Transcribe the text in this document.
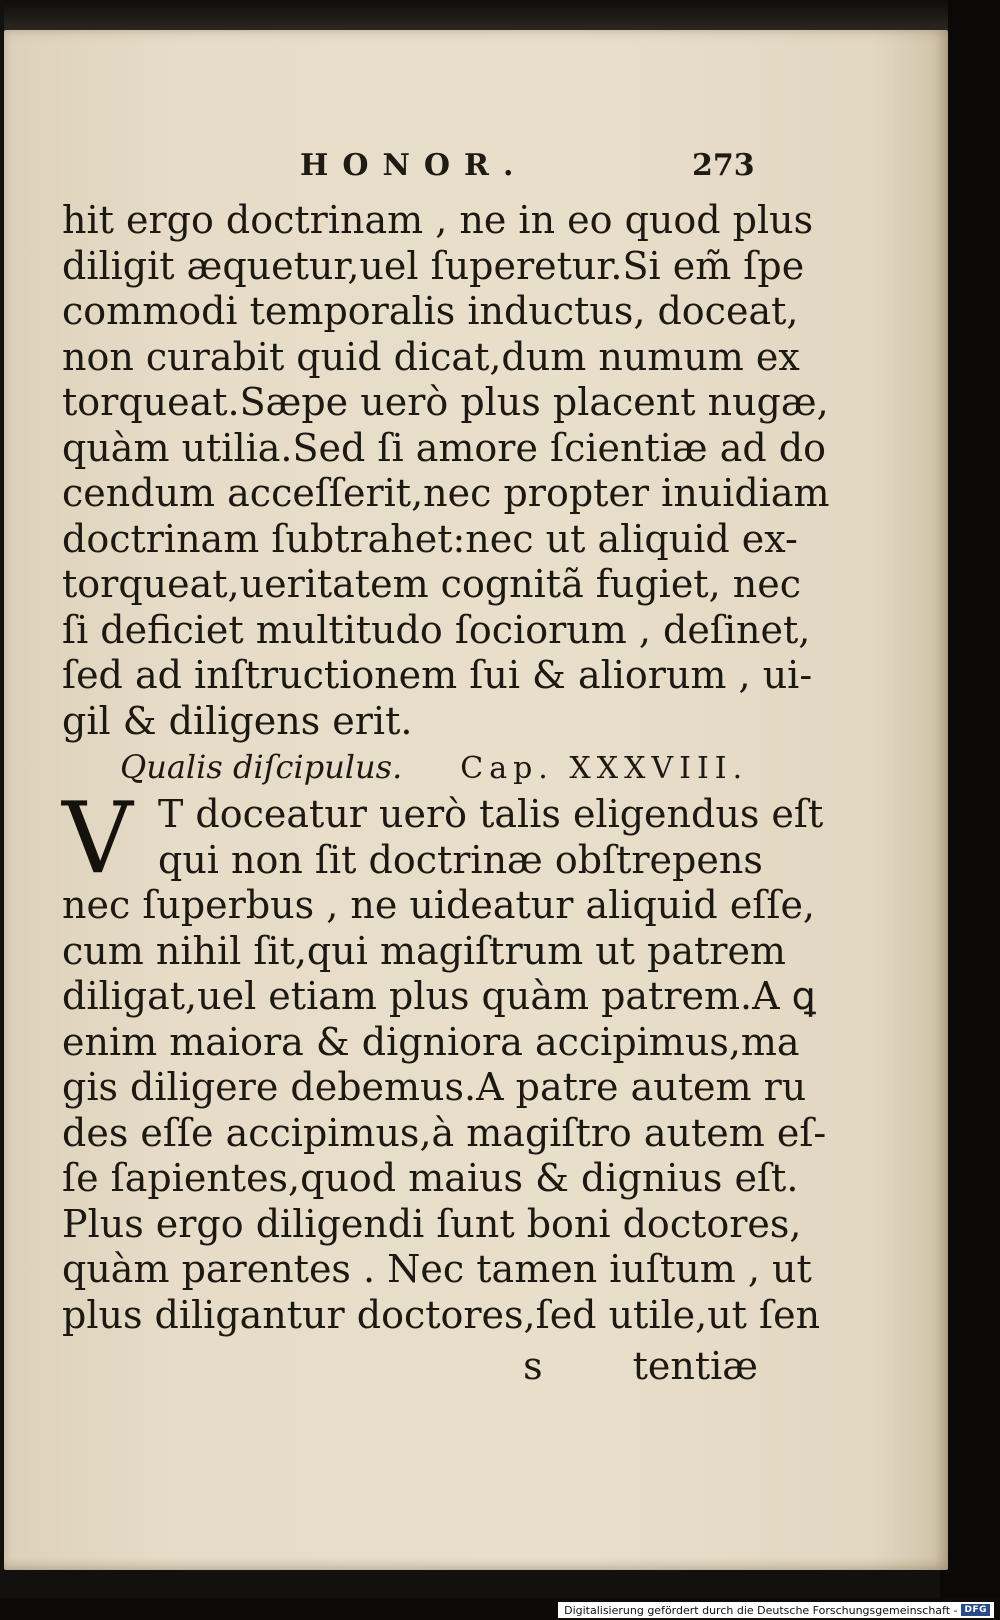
HONOR.	273
hit ergo doctrinam , ne in eo quod plus
diligit æquetur,uel ſuperetur.Si em̃ ſpe
commodi temporalis inductus, doceat,
non curabit quid dicat,dum numum ex
torqueat.Sæpe uerò plus placent nugæ,
quàm utilia.Sed ſi amore ſcientiæ ad do
cendum acceſſerit,nec propter inuidiam
doctrinam ſubtrahet:nec ut aliquid ex-
torqueat,ueritatem cognitã fugiet, nec
ſi deficiet multitudo ſociorum , deſinet,
ſed ad inſtructionem ſui & aliorum , ui-
gil & diligens erit.
Qualis diſcipulus. Cap. XXXVIII.
V T doceatur uerò talis eligendus eſt
qui non ſit doctrinæ obſtrepens
nec ſuperbus , ne uideatur aliquid eſſe,
cum nihil ſit,qui magiſtrum ut patrem
diligat,uel etiam plus quàm patrem.A ꝗ
enim maiora & digniora accipimus,ma
gis diligere debemus.A patre autem ru
des eſſe accipimus,à magiſtro autem eſ-
ſe ſapientes,quod maius & dignius eſt.
Plus ergo diligendi ſunt boni doctores,
quàm parentes . Nec tamen iuſtum , ut
plus diligantur doctores,ſed utile,ut ſen
s tentiæ
Digitalisierung gefördert durch die Deutsche Forschungsgemeinschaft - DFG
